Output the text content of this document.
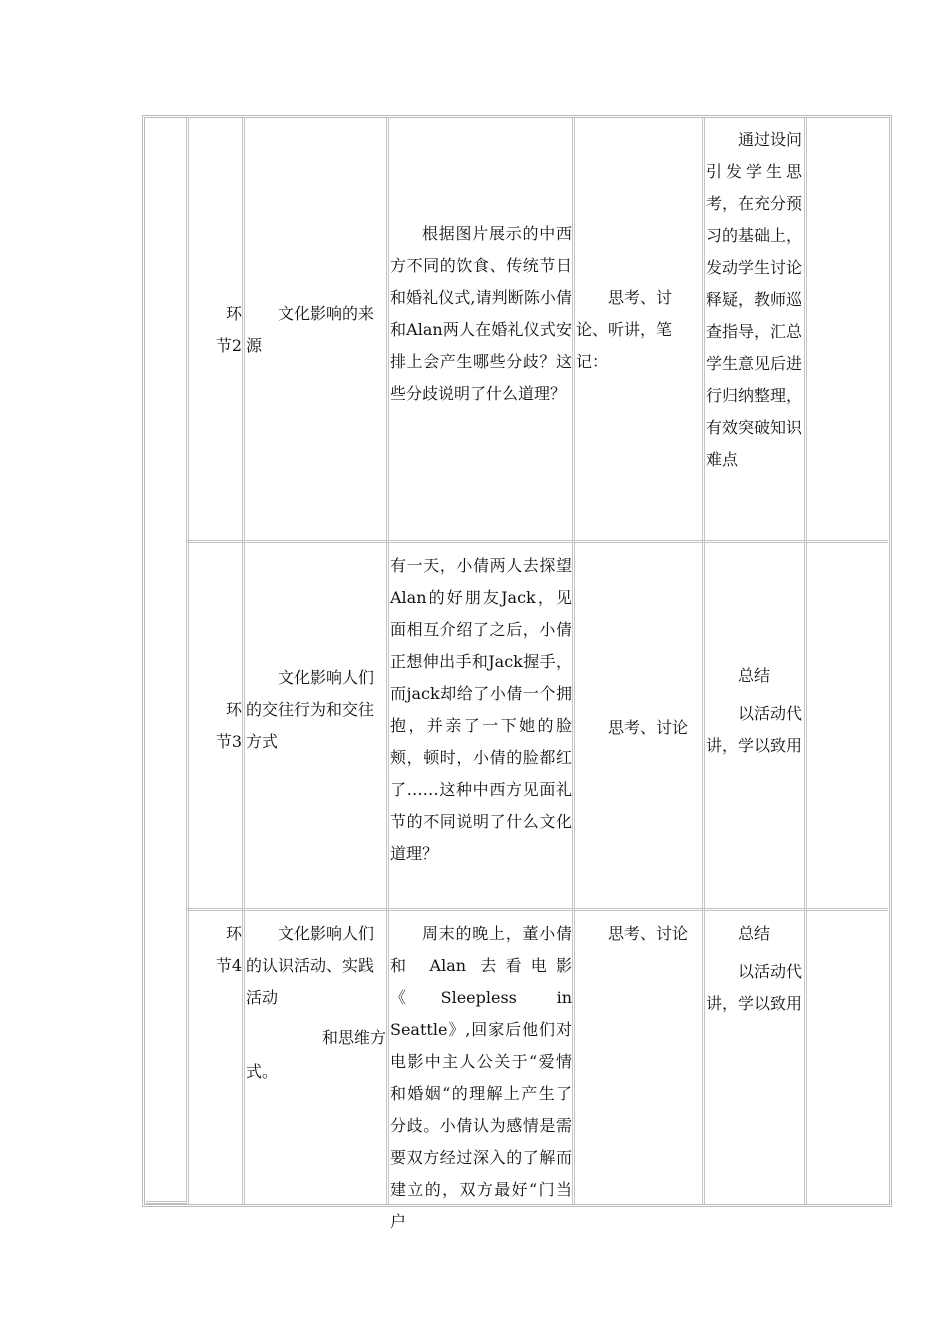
环

节2

文化影响的来

源

根据图片展示的中西方不同的饮食、传统节日和婚礼仪式,请判断陈小倩和Alan两人在婚礼仪式安排上会产生哪些分歧？这些分歧说明了什么道理？

思考、讨

论、听讲，笔

记：

通过设问引发学生思考，在充分预习的基础上，发动学生讨论释疑，教师巡查指导，汇总学生意见后进行归纳整理，有效突破知识难点

环

节3

文化影响人们

的交往行为和交往

方式

有一天，小倩两人去探望Alan的好朋友Jack，见面相互介绍了之后，小倩正想伸出手和Jack握手，而jack却给了小倩一个拥抱，并亲了一下她的脸颊，顿时，小倩的脸都红了……这种中西方见面礼节的不同说明了什么文化道理？

思考、讨论

总结

以活动代讲，学以致用

环

节4

文化影响人们

的认识活动、实践

活动

和思维方

式。

周末的晚上，董小倩和 Alan 去看电影《Sleepless in Seattle》,回家后他们对电影中主人公关于“爱情和婚姻“的理解上产生了分歧。小倩认为感情是需要双方经过深入的了解而建立的，双方最好“门当户

思考、讨论	总结

以活动代讲，学以致用
